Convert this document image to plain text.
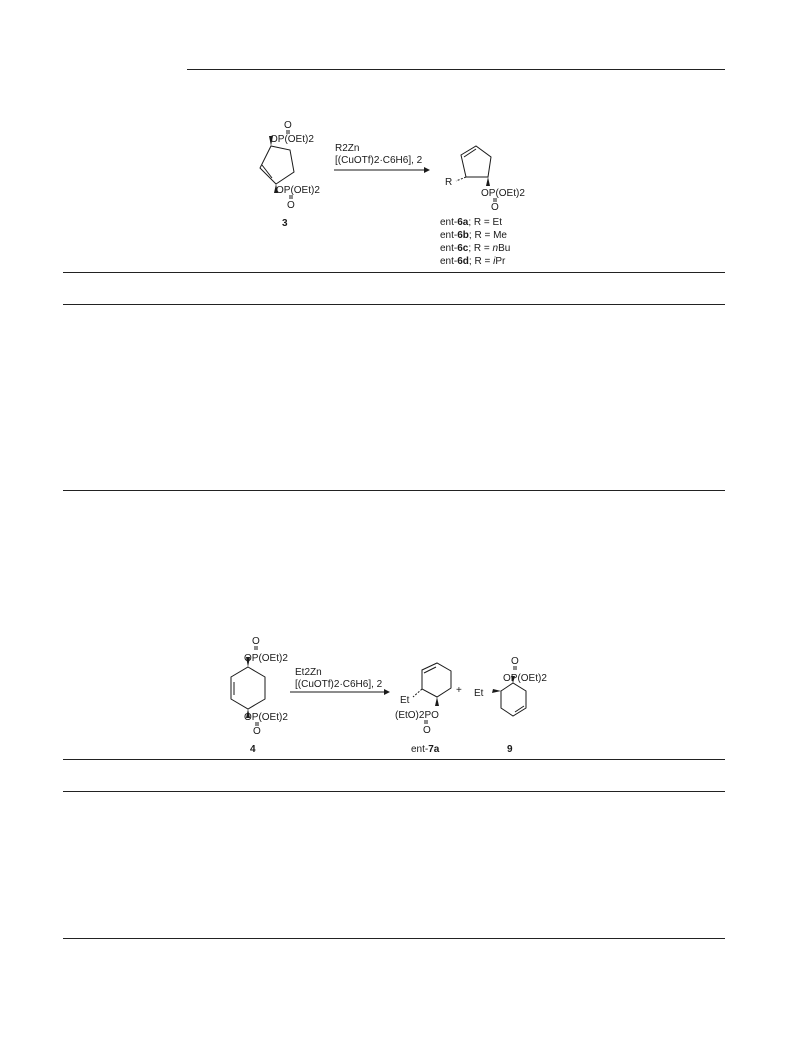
O
OP(OEt)2
OP(OEt)2
O
3
R2Zn
[(CuOTf)2·C6H6], 2
R
OP(OEt)2
O
ent-6a; R = Et
ent-6b; R = Me
ent-6c; R = nBu
ent-6d; R = iPr
O
OP(OEt)2
OP(OEt)2
O
4
Et2Zn
[(CuOTf)2·C6H6], 2
Et
(EtO)2PO
O
ent-7a
+ Et
O
OP(OEt)2
9
